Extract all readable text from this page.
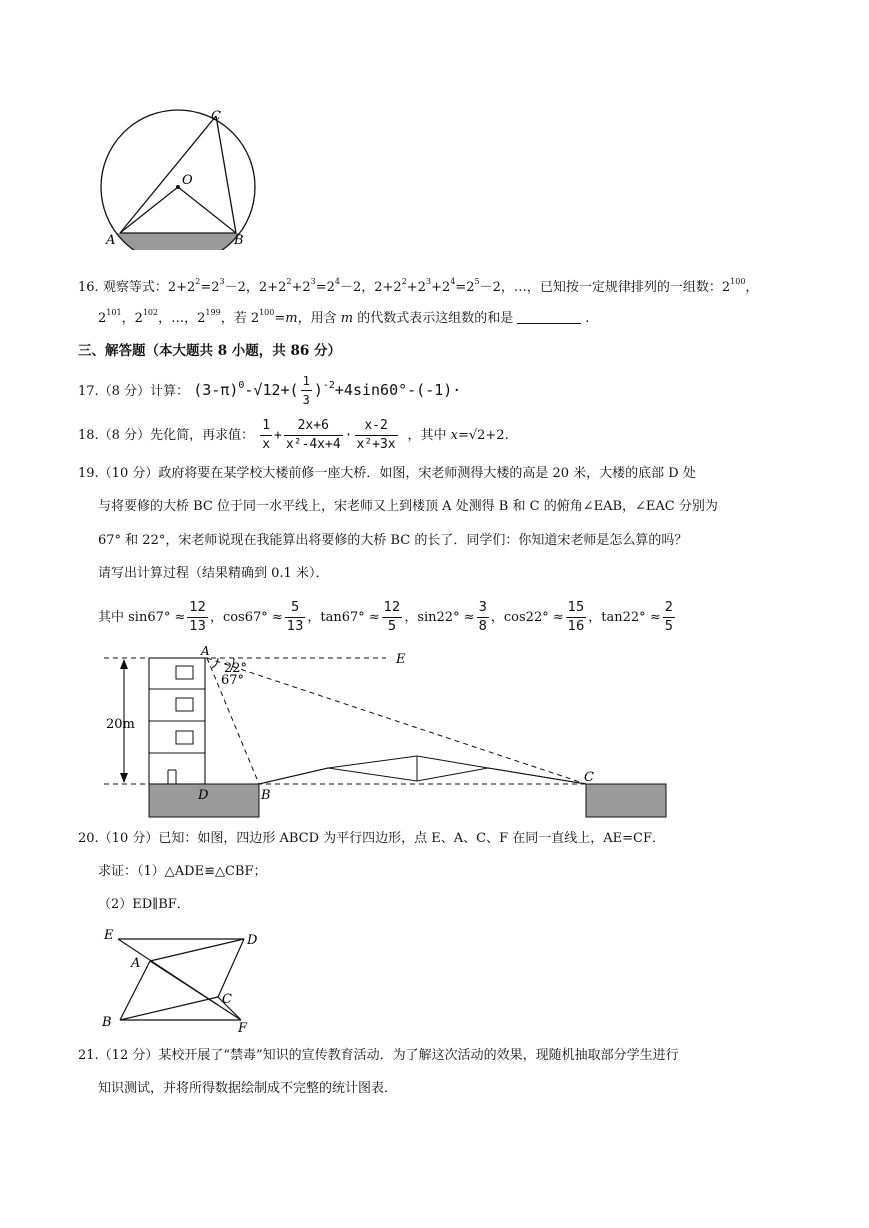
C
O
A	B
16. 观察等式：$2+2^2=2^3-2$，$2+2^2+2^3=2^4-2$，$2+2^2+2^3+2^4=2^5-2$，…，已知按一定规律排列的一组数：$2^{100}$，
$2^{101}$，$2^{102}$，…，$2^{199}$，若 $2^{100}=m$，用含 m 的代数式表示这组数的和是	.
三、解答题（本大题共 8 小题，共 86 分）
17.（8 分）计算： $(3-\pi)^0-√12+( \frac{1}{3} )^{-2}+4\sin 60^\circ-(-1)\cdot$
18.（8 分）先化简，再求值： $\frac{1}{x} + \frac{2x+6}{\text{x²-4x+4}} \cdot \frac{x-2}{\text{x²+3x}}$ ，其中 x=√2+2.
19.（10 分）政府将要在某学校大楼前修一座大桥．如图，宋老师测得大楼的高是 20 米，大楼的底部 D 处
与将要修的大桥 BC 位于同一水平线上，宋老师又上到楼顶 A 处测得 B 和 C 的俯角∠EAB，∠EAC 分别为
67° 和 22°，宋老师说现在我能算出将要修的大桥 BC 的长了．同学们：你知道宋老师是怎么算的吗？
请写出计算过程（结果精确到 0.1 米）．
其中 $\sin 67^\circ \approx \frac{12}{13}$ ，$\cos 67^\circ \approx \frac{5}{13}$ ，$\tan 67^\circ \approx \frac{12}{5}$ ，$\sin 22^\circ \approx \frac{3}{8}$ ，$\cos 22^\circ \approx \frac{15}{16}$ ，$\tan 22^\circ \approx \frac{2}{5}$
20m
A
E
22°
67°
D	B
C
20.（10 分）已知：如图，四边形 ABCD 为平行四边形，点 E、A、C、F 在同一直线上，AE=CF．
求证：（1）△ADE≌△CBF；
（2）ED∥BF．
E	D
A
C
B	F
21.（12 分）某校开展了“禁毒”知识的宣传教育活动．为了解这次活动的效果，现随机抽取部分学生进行
知识测试，并将所得数据绘制成不完整的统计图表．
